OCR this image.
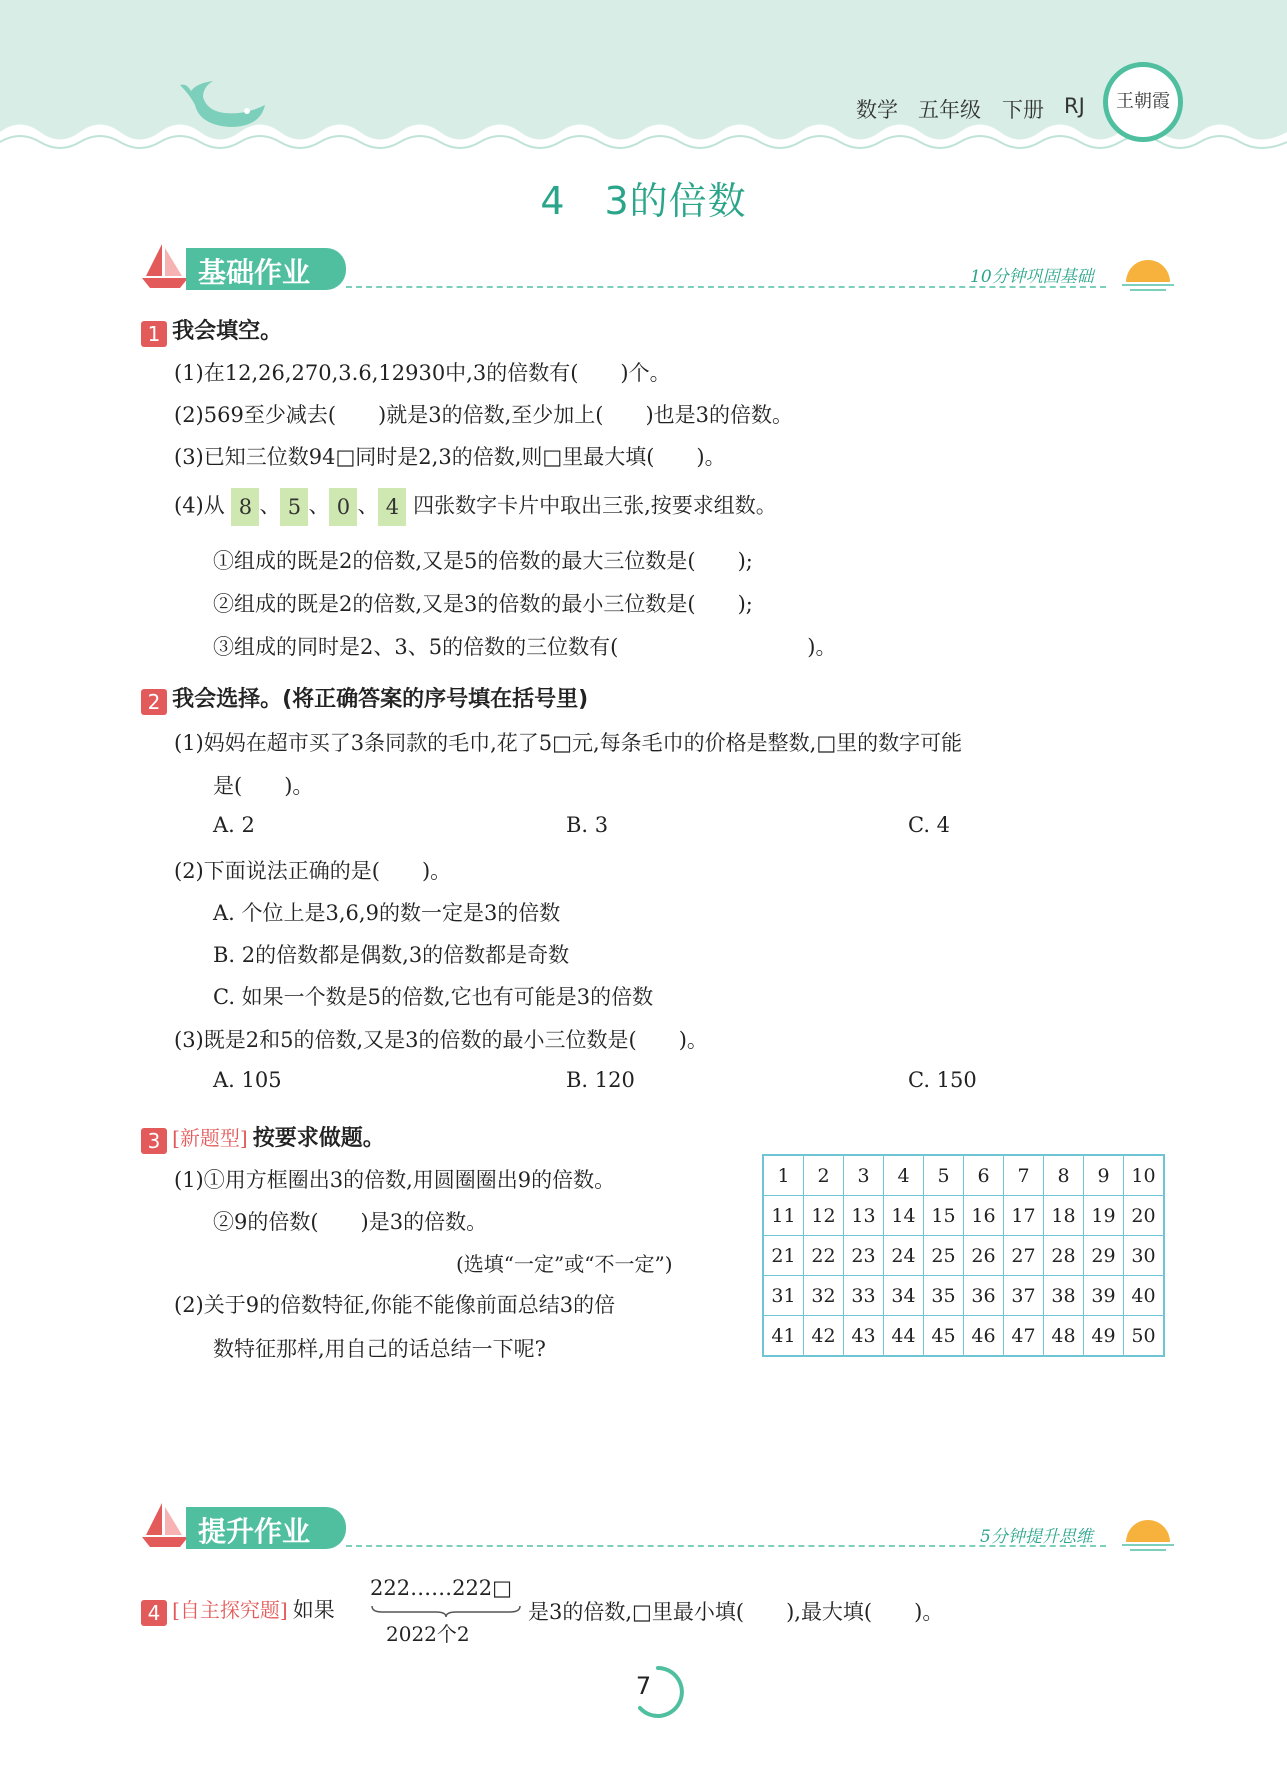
数学 五年级 下册 RJ	王朝霞
4　3的倍数
基础作业	10分钟巩固基础
1 我会填空。
(1)在12,26,270,3.6,12930中,3的倍数有(　　)个。
(2)569至少减去(　　)就是3的倍数,至少加上(　　)也是3的倍数。
(3)已知三位数94□同时是2,3的倍数,则□里最大填(　　)。
(4)从 8 、 5 、 0 、 4 四张数字卡片中取出三张,按要求组数。
①组成的既是2的倍数,又是5的倍数的最大三位数是(　　);
②组成的既是2的倍数,又是3的倍数的最小三位数是(　　);
③组成的同时是2、3、5的倍数的三位数有(　　　　　　　　　)。
2 我会选择。(将正确答案的序号填在括号里)
(1)妈妈在超市买了3条同款的毛巾,花了5□元,每条毛巾的价格是整数,□里的数字可能
是(　　)。
A. 2	B. 3	C. 4
(2)下面说法正确的是(　　)。
A. 个位上是3,6,9的数一定是3的倍数
B. 2的倍数都是偶数,3的倍数都是奇数
C. 如果一个数是5的倍数,它也有可能是3的倍数
(3)既是2和5的倍数,又是3的倍数的最小三位数是(　　)。
A. 105	B. 120	C. 150
3 [新题型] 按要求做题。
(1)①用方框圈出3的倍数,用圆圈圈出9的倍数。
②9的倍数(　　)是3的倍数。
(选填“一定”或“不一定”)
(2)关于9的倍数特征,你能不能像前面总结3的倍
数特征那样,用自己的话总结一下呢?
1	2	3	4	5	6	7	8	9	10
11	12	13	14	15	16	17	18	19	20
21	22	23	24	25	26	27	28	29	30
31	32	33	34	35	36	37	38	39	40
41	42	43	44	45	46	47	48	49	50
提升作业	5分钟提升思维
4 [自主探究题] 如果
222……222□
2022个2
是3的倍数,□里最小填(　　),最大填(　　)。
7
